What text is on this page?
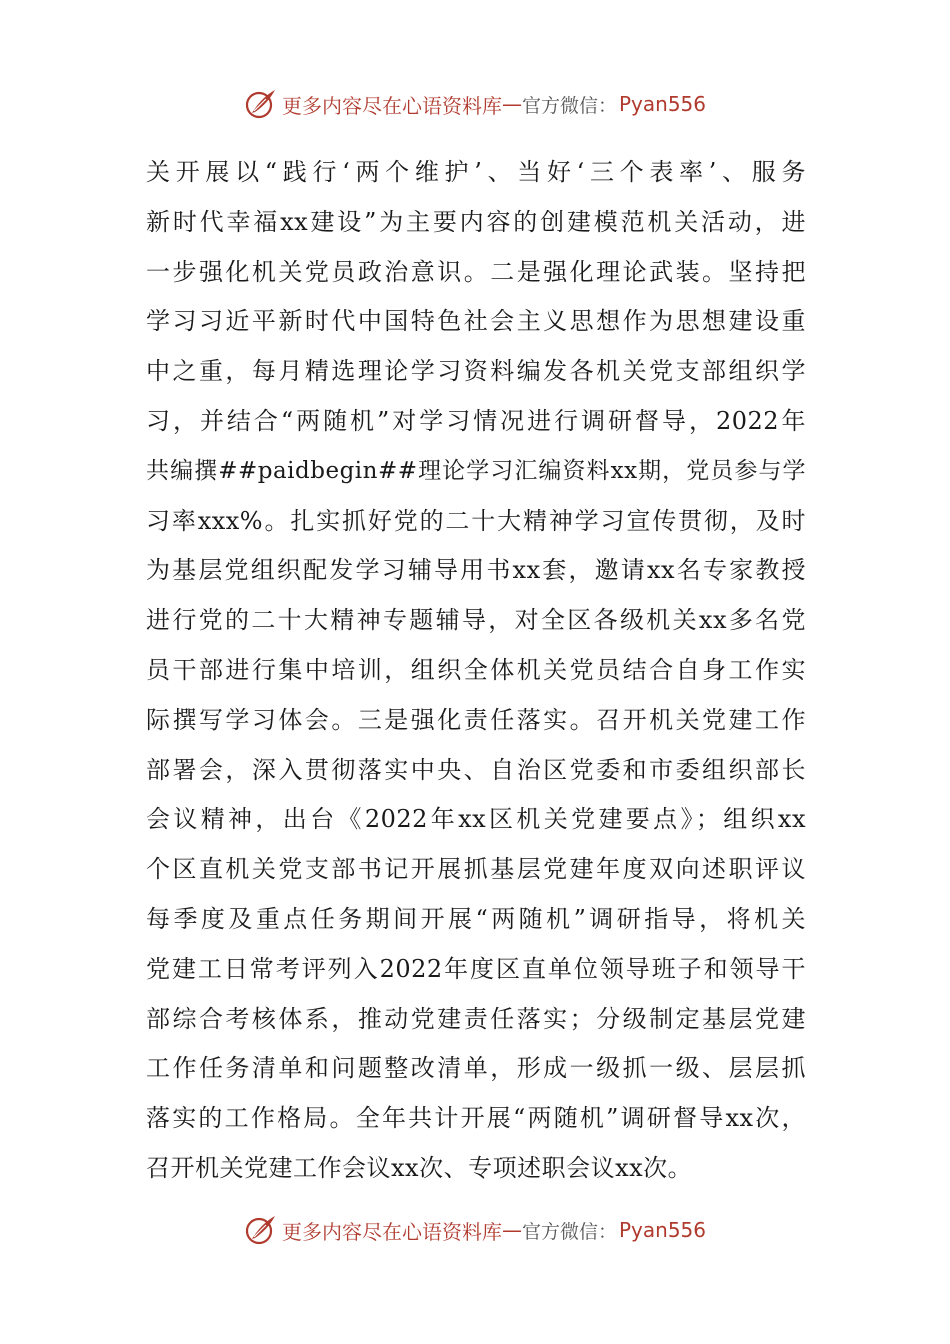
更多内容尽在心语资料库 — 官方微信： Pyan556
关开展以“践行‘两个维护’、当好‘三个表率’、服务
新时代幸福xx建设”为主要内容的创建模范机关活动，进
一步强化机关党员政治意识。二是强化理论武装。坚持把
学习习近平新时代中国特色社会主义思想作为思想建设重
中之重，每月精选理论学习资料编发各机关党支部组织学
习，并结合“两随机”对学习情况进行调研督导，2022年
共编撰##paidbegin##理论学习汇编资料xx期，党员参与学
习率xxx%。扎实抓好党的二十大精神学习宣传贯彻，及时
为基层党组织配发学习辅导用书xx套，邀请xx名专家教授
进行党的二十大精神专题辅导，对全区各级机关xx多名党
员干部进行集中培训，组织全体机关党员结合自身工作实
际撰写学习体会。三是强化责任落实。召开机关党建工作
部署会，深入贯彻落实中央、自治区党委和市委组织部长
会议精神，出台《2022年xx区机关党建要点》；组织xx
个区直机关党支部书记开展抓基层党建年度双向述职评议
每季度及重点任务期间开展“两随机”调研指导，将机关
党建工日常考评列入2022年度区直单位领导班子和领导干
部综合考核体系，推动党建责任落实；分级制定基层党建
工作任务清单和问题整改清单，形成一级抓一级、层层抓
落实的工作格局。全年共计开展“两随机”调研督导xx次，
召开机关党建工作会议xx次、专项述职会议xx次。
更多内容尽在心语资料库 — 官方微信： Pyan556
